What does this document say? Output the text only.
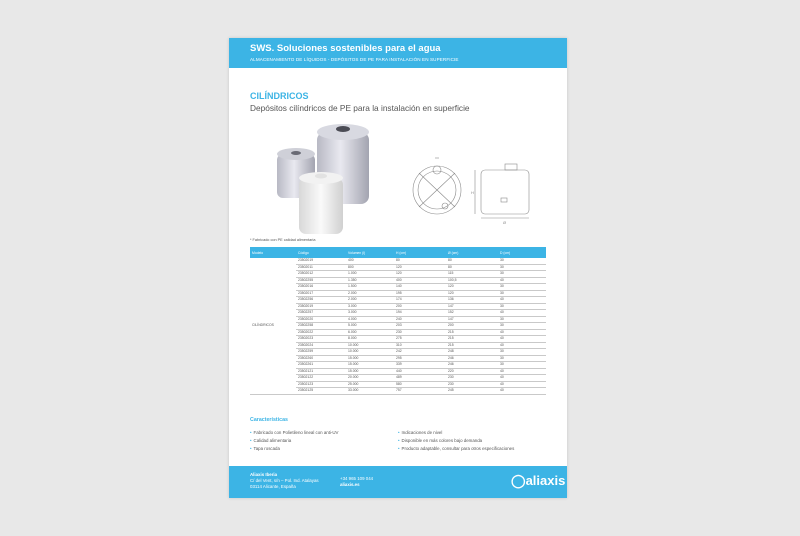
SWS. Soluciones sostenibles para el agua
ALMACENAMIENTO DE LÍQUIDOS - DEPÓSITOS DE PE PARA INSTALACIÓN EN SUPERFICIE
CILÍNDRICOS
Depósitos cilíndricos de PE para la instalación en superficie
H
Ø
* Fabricado con PE calidad alimentaria
Modelo	Código	Volumen (l)	H (cm)	Ø (cm)	D (cm)
CILÍNDRICOS	23502019	400	80	80	30
	23502011	800	120	80	30
	23502012	1.000	120	115	30
	23502255	1.350	400	100,5	40
	23502016	1.500	140	120	30
	23502017	2.000	195	120	30
	23502256	2.000	174	136	40
	23502019	3.000	200	147	30
	23502257	3.000	194	152	40
	23502020	4.000	240	147	30
	23502258	5.000	203	200	30
	23502022	6.000	230	215	40
	23502023	8.000	275	215	40
	23502024	10.000	310	215	40
	23502259	10.000	242	248	30
	23502260	15.000	295	246	30
	23502261	15.000	339	246	30
	23502121	15.000	440	220	40
	23502122	20.000	489	230	40
	23502123	25.000	580	230	40
	23502125	33.000	757	245	40
Características
• Fabricado con Polietileno lineal con anti-UV
• Calidad alimentaria
• Tapa roscada
• Indicaciones de nivel
• Disponible en más colores bajo demanda
• Producto adaptable, consultar para otros especificaciones
Aliaxis Iberia
C/ del Vent, s/n – Pol. Ind. Atalayas
03114 Alicante, España
+34 965 109 044
aliaxis.es	◯aliaxis
